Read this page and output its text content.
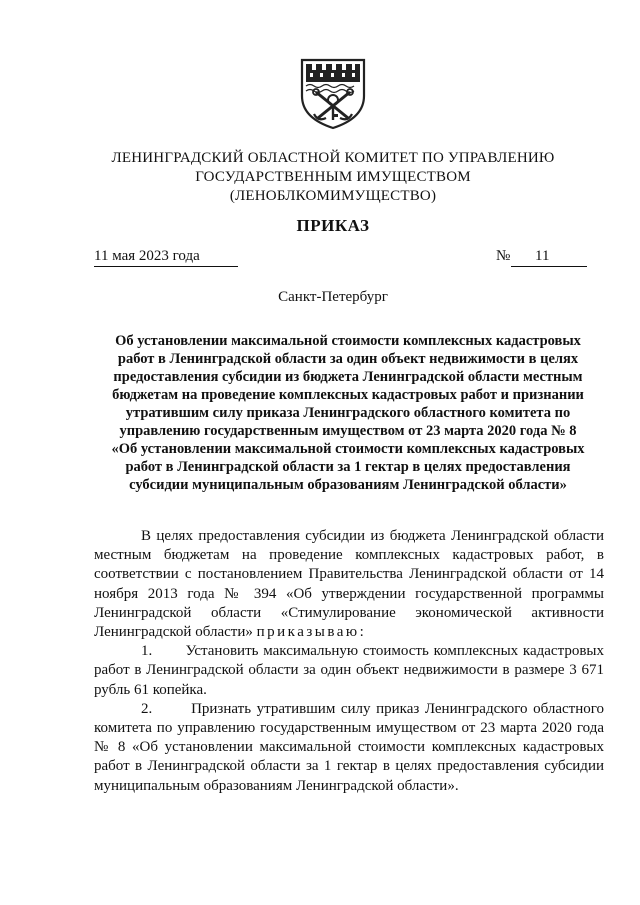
ЛЕНИНГРАДСКИЙ ОБЛАСТНОЙ КОМИТЕТ ПО УПРАВЛЕНИЮ
ГОСУДАРСТВЕННЫМ ИМУЩЕСТВОМ
(ЛЕНОБЛКОМИМУЩЕСТВО)
ПРИКАЗ
11 мая 2023 года	№ 11
Санкт-Петербург
Об установлении максимальной стоимости комплексных кадастровых
работ в Ленинградской области за один объект недвижимости в целях
предоставления субсидии из бюджета Ленинградской области местным
бюджетам на проведение комплексных кадастровых работ и признании
утратившим силу приказа Ленинградского областного комитета по
управлению государственным имуществом от 23 марта 2020 года № 8
«Об установлении максимальной стоимости комплексных кадастровых
работ в Ленинградской области за 1 гектар в целях предоставления
субсидии муниципальным образованиям Ленинградской области»

В целях предоставления субсидии из бюджета Ленинградской области местным бюджетам на проведение комплексных кадастровых работ, в соответствии с постановлением Правительства Ленинградской области от 14 ноября 2013 года № 394 «Об утверждении государственной программы Ленинградской области «Стимулирование экономической активности Ленинградской области» приказываю:

1. Установить максимальную стоимость комплексных кадастровых работ в Ленинградской области за один объект недвижимости в размере 3 671 рубль 61 копейка.

2.	Признать утратившим силу приказ Ленинградского областного комитета по управлению государственным имуществом от 23 марта 2020 года № 8 «Об установлении максимальной стоимости комплексных кадастровых работ в Ленинградской области за 1 гектар в целях предоставления субсидии муниципальным образованиям Ленинградской области».
